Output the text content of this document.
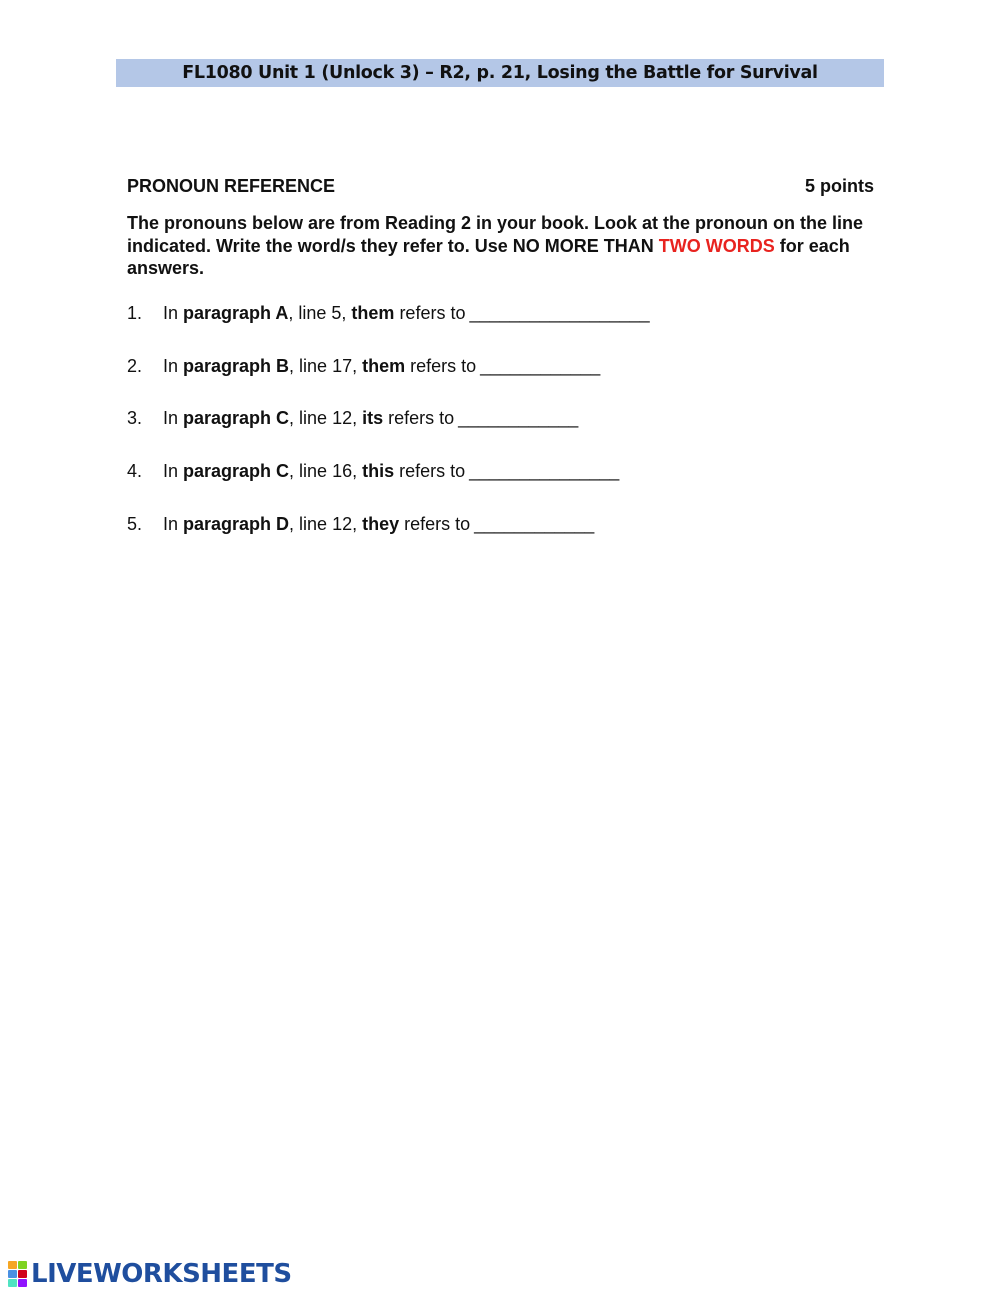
FL1080 Unit 1 (Unlock 3) – R2, p. 21, Losing the Battle for Survival
PRONOUN REFERENCE	5 points
The pronouns below are from Reading 2 in your book. Look at the pronoun on the line indicated. Write the word/s they refer to. Use NO MORE THAN TWO WORDS for each answers.
1.	In paragraph A, line 5, them refers to __________________
2.	In paragraph B, line 17, them refers to ____________
3.	In paragraph C, line 12, its refers to ____________
4.	In paragraph C, line 16, this refers to _______________
5.	In paragraph D, line 12, they refers to ____________
LIVEWORKSHEETS
